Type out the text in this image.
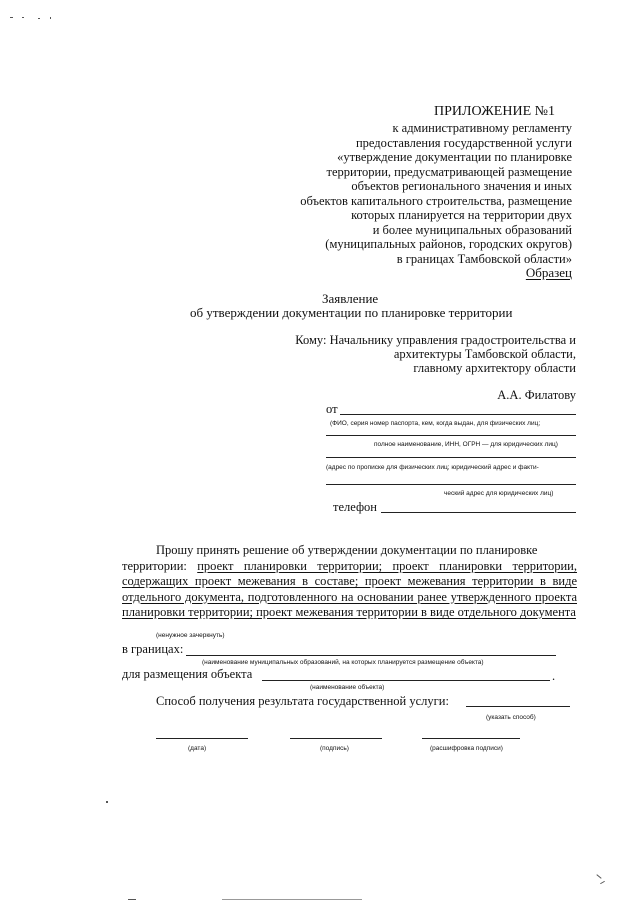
ПРИЛОЖЕНИЕ №1
к административному регламенту
предоставления государственной услуги
«утверждение документации по планировке
территории, предусматривающей размещение
объектов регионального значения и иных
объектов капитального строительства, размещение
которых планируется на территории двух
и более муниципальных образований
(муниципальных районов, городских округов)
в границах Тамбовской области»
Образец
Заявление
об утверждении документации по планировке территории
Кому: Начальнику управления градостроительства и
архитектуры Тамбовской области,
главному архитектору области
А.А. Филатову
от
(ФИО, серия номер паспорта, кем, когда выдан, для физических лиц;
полное наименование, ИНН, ОГРН — для юридических лиц)
(адрес по прописке для физических лиц; юридический адрес и факти-
ческий адрес для юридических лиц)
телефон
Прошу принять решение об утверждении документации по планировке
территории: проект планировки территории; проект планировки территории, содержащих проект межевания в составе; проект межевания территории в виде отдельного документа, подготовленного на основании ранее утвержденного проекта планировки территории; проект межевания территории в виде отдельного документа
(ненужное зачеркнуть)
в границах:
(наименование муниципальных образований, на которых планируется размещение объекта)
для размещения объекта	.
(наименование объекта)
Способ получения результата государственной услуги:
(указать способ)
(дата)	(подпись)	(расшифровка подписи)
